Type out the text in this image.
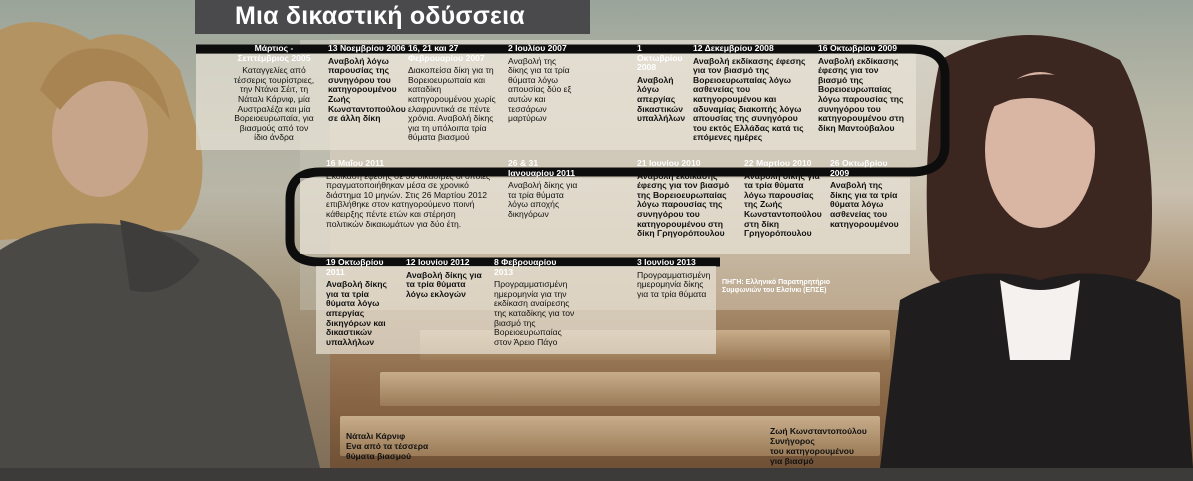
Μια δικαστική οδύσσεια
Μάρτιος - Σεπτέμβριος 2005
Καταγγελίες από τέσσερις τουρίστριες, την Ντάνα Σέιτ, τη Νάταλι Κάρνιφ, μία Αυστραλέζα και μία Βορειοευρωπαία, για βιασμούς από τον ίδιο άνδρα
13 Νοεμβρίου 2006
Αναβολή λόγω παρουσίας της συνηγόρου του κατηγορουμένου Ζωής Κωνσταντοπούλου σε άλλη δίκη
16, 21 και 27 Φεβρουαρίου 2007
Διακοπείσα δίκη για τη Βορειοευρωπαία και καταδίκη κατηγορουμένου χωρίς ελαφρυντικά σε πέντε χρόνια. Αναβολή δίκης για τη υπόλοιπα τρία θύματα βιασμού
2 Ιουλίου 2007
Αναβολή της δίκης για τα τρία θύματα λόγω απουσίας δύο εξ αυτών και τεσσάρων μαρτύρων
1 Οκτωβρίου 2008
Αναβολή λόγω απεργίας δικαστικών υπαλλήλων
12 Δεκεμβρίου 2008
Αναβολή εκδίκασης έφεσης για τον βιασμό της Βορειοευρωπαίας λόγω ασθενείας του κατηγορουμένου και αδυναμίας διακοπής λόγω απουσίας της συνηγόρου του εκτός Ελλάδας κατά τις επόμενες ημέρες
16 Οκτωβρίου 2009
Αναβολή εκδίκασης έφεσης για τον βιασμό της Βορειοευρωπαίας λόγω παρουσίας της συνηγόρου του κατηγορουμένου στη δίκη Μαντούβαλου
16 Μαΐου 2011
Εκδίκαση έφεσης σε 30 δικάσιμες οι οποίες πραγματοποιήθηκαν μέσα σε χρονικό διάστημα 10 μηνών. Στις 26 Μαρτίου 2012 επιβλήθηκε στον κατηγορούμενο ποινή κάθειρξης πέντε ετών και στέρηση πολιτικών δικαιωμάτων για δύο έτη.
26 & 31 Ιανουαρίου 2011
Αναβολή δίκης για τα τρία θύματα λόγω αποχής δικηγόρων
21 Ιουνίου 2010
Αναβολή εκδίκασης έφεσης για τον βιασμό της Βορειοευρωπαίας λόγω παρουσίας της συνηγόρου του κατηγορουμένου στη δίκη Γρηγορόπουλου
22 Μαρτίου 2010
Αναβολή δίκης για τα τρία θύματα λόγω παρουσίας της Ζωής Κωνσταντοπούλου στη δίκη Γρηγορόπουλου
26 Οκτωβρίου 2009
Αναβολή της δίκης για τα τρία θύματα λόγω ασθενείας του κατηγορουμένου
19 Οκτωβρίου 2011
Αναβολή δίκης για τα τρία θύματα λόγω απεργίας δικηγόρων και δικαστικών υπαλλήλων
12 Ιουνίου 2012
Αναβολή δίκης για τα τρία θύματα λόγω εκλογών
8 Φεβρουαρίου 2013
Προγραμματισμένη ημερομηνία για την εκδίκαση αναίρεσης της καταδίκης για τον βιασμό της Βορειοευρωπαίας στον Άρειο Πάγο
3 Ιουνίου 2013
Προγραμματισμένη ημερομηνία δίκης για τα τρία θύματα
ΠΗΓΗ: Ελληνικό Παρατηρητήριο Συμφωνιών του Ελσίνκι (ΕΠΣΕ)
Νάταλι Κάρνιφ
Ενα από τα τέσσερα
θύματα βιασμού
Ζωή Κωνσταντοπούλου
Συνήγορος
του κατηγορουμένου
για βιασμό
